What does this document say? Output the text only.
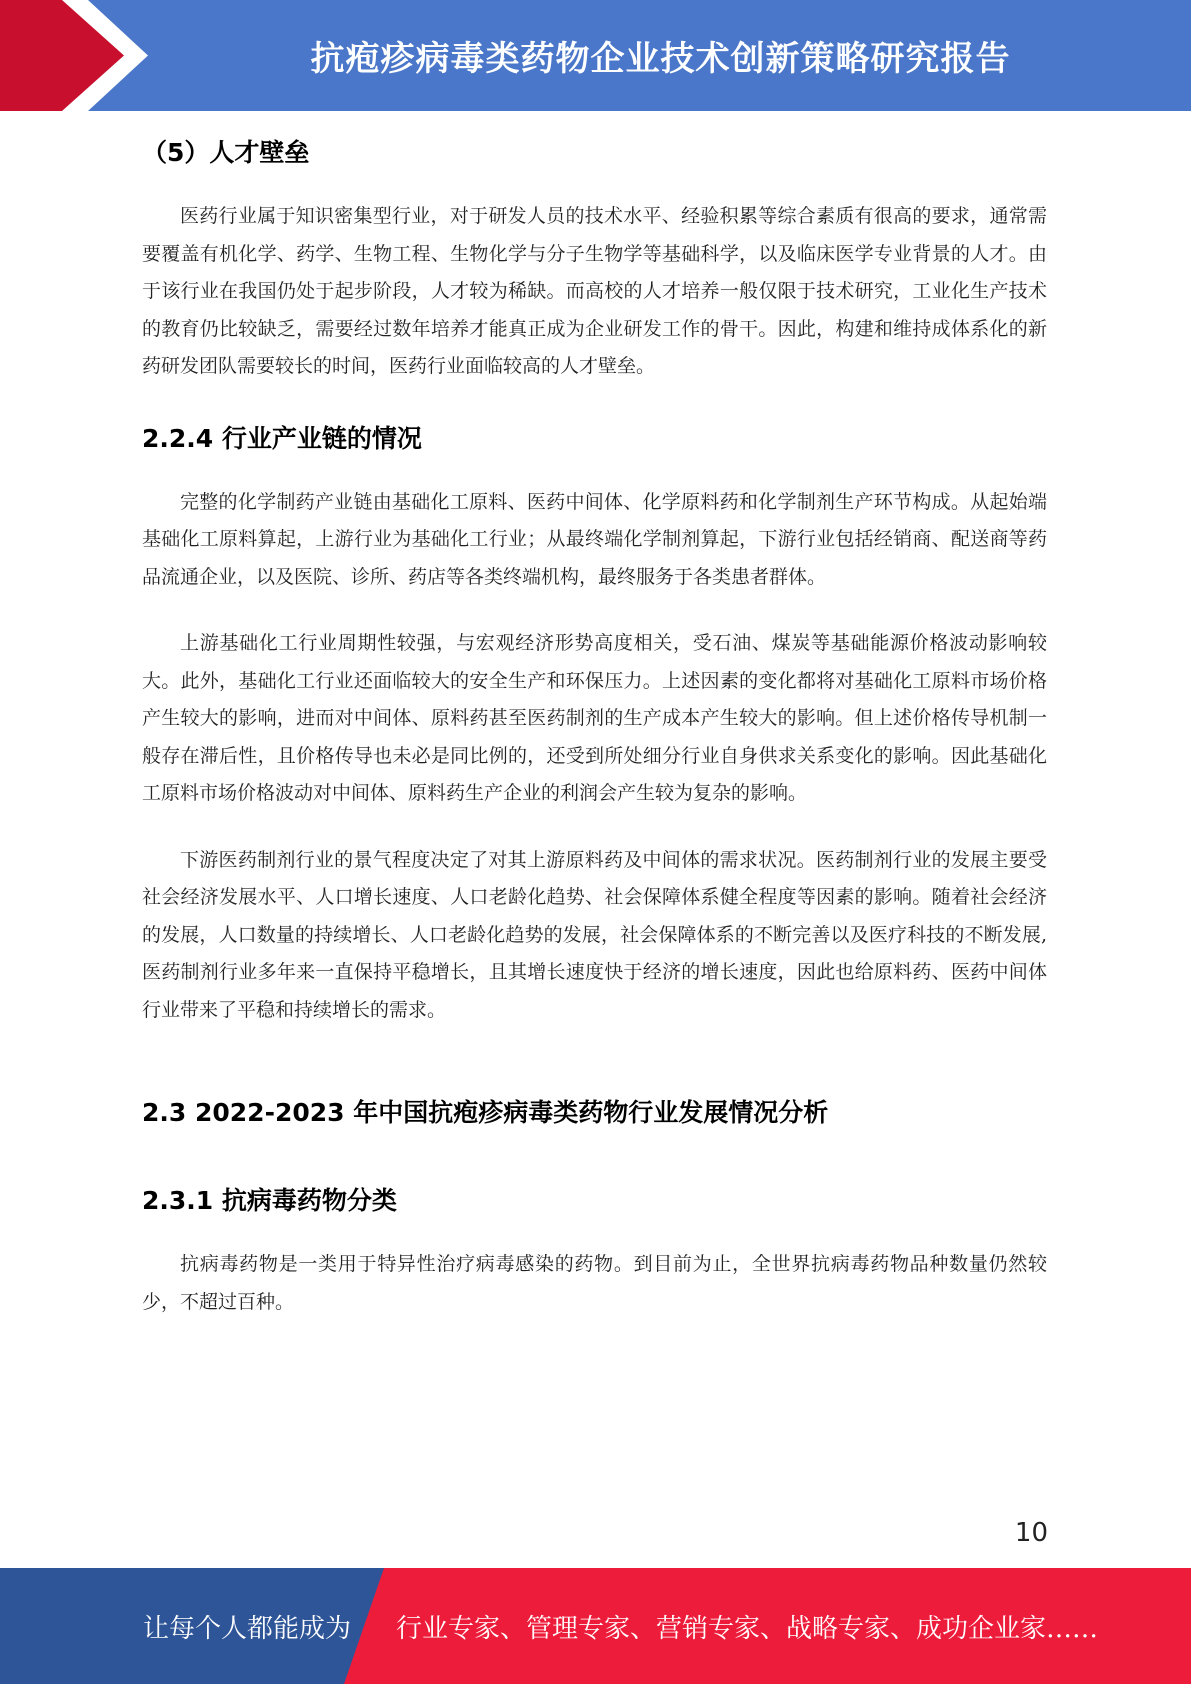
抗疱疹病毒类药物企业技术创新策略研究报告
（5）人才壁垒

医药行业属于知识密集型行业，对于研发人员的技术水平、经验积累等综合素质有很高的要求，通常需要覆盖有机化学、药学、生物工程、生物化学与分子生物学等基础科学，以及临床医学专业背景的人才。由于该行业在我国仍处于起步阶段，人才较为稀缺。而高校的人才培养一般仅限于技术研究，工业化生产技术的教育仍比较缺乏，需要经过数年培养才能真正成为企业研发工作的骨干。因此，构建和维持成体系化的新药研发团队需要较长的时间，医药行业面临较高的人才壁垒。

2.2.4 行业产业链的情况

完整的化学制药产业链由基础化工原料、医药中间体、化学原料药和化学制剂生产环节构成。从起始端基础化工原料算起，上游行业为基础化工行业；从最终端化学制剂算起，下游行业包括经销商、配送商等药品流通企业，以及医院、诊所、药店等各类终端机构，最终服务于各类患者群体。

上游基础化工行业周期性较强，与宏观经济形势高度相关，受石油、煤炭等基础能源价格波动影响较大。此外，基础化工行业还面临较大的安全生产和环保压力。上述因素的变化都将对基础化工原料市场价格产生较大的影响，进而对中间体、原料药甚至医药制剂的生产成本产生较大的影响。但上述价格传导机制一般存在滞后性，且价格传导也未必是同比例的，还受到所处细分行业自身供求关系变化的影响。因此基础化工原料市场价格波动对中间体、原料药生产企业的利润会产生较为复杂的影响。

下游医药制剂行业的景气程度决定了对其上游原料药及中间体的需求状况。医药制剂行业的发展主要受社会经济发展水平、人口增长速度、人口老龄化趋势、社会保障体系健全程度等因素的影响。随着社会经济的发展，人口数量的持续增长、人口老龄化趋势的发展，社会保障体系的不断完善以及医疗科技的不断发展,医药制剂行业多年来一直保持平稳增长，且其增长速度快于经济的增长速度，因此也给原料药、医药中间体行业带来了平稳和持续增长的需求。

2.3 2022-2023 年中国抗疱疹病毒类药物行业发展情况分析
2.3.1 抗病毒药物分类

抗病毒药物是一类用于特异性治疗病毒感染的药物。到目前为止，全世界抗病毒药物品种数量仍然较少，不超过百种。

10
让每个人都能成为 行业专家、管理专家、营销专家、战略专家、成功企业家……
